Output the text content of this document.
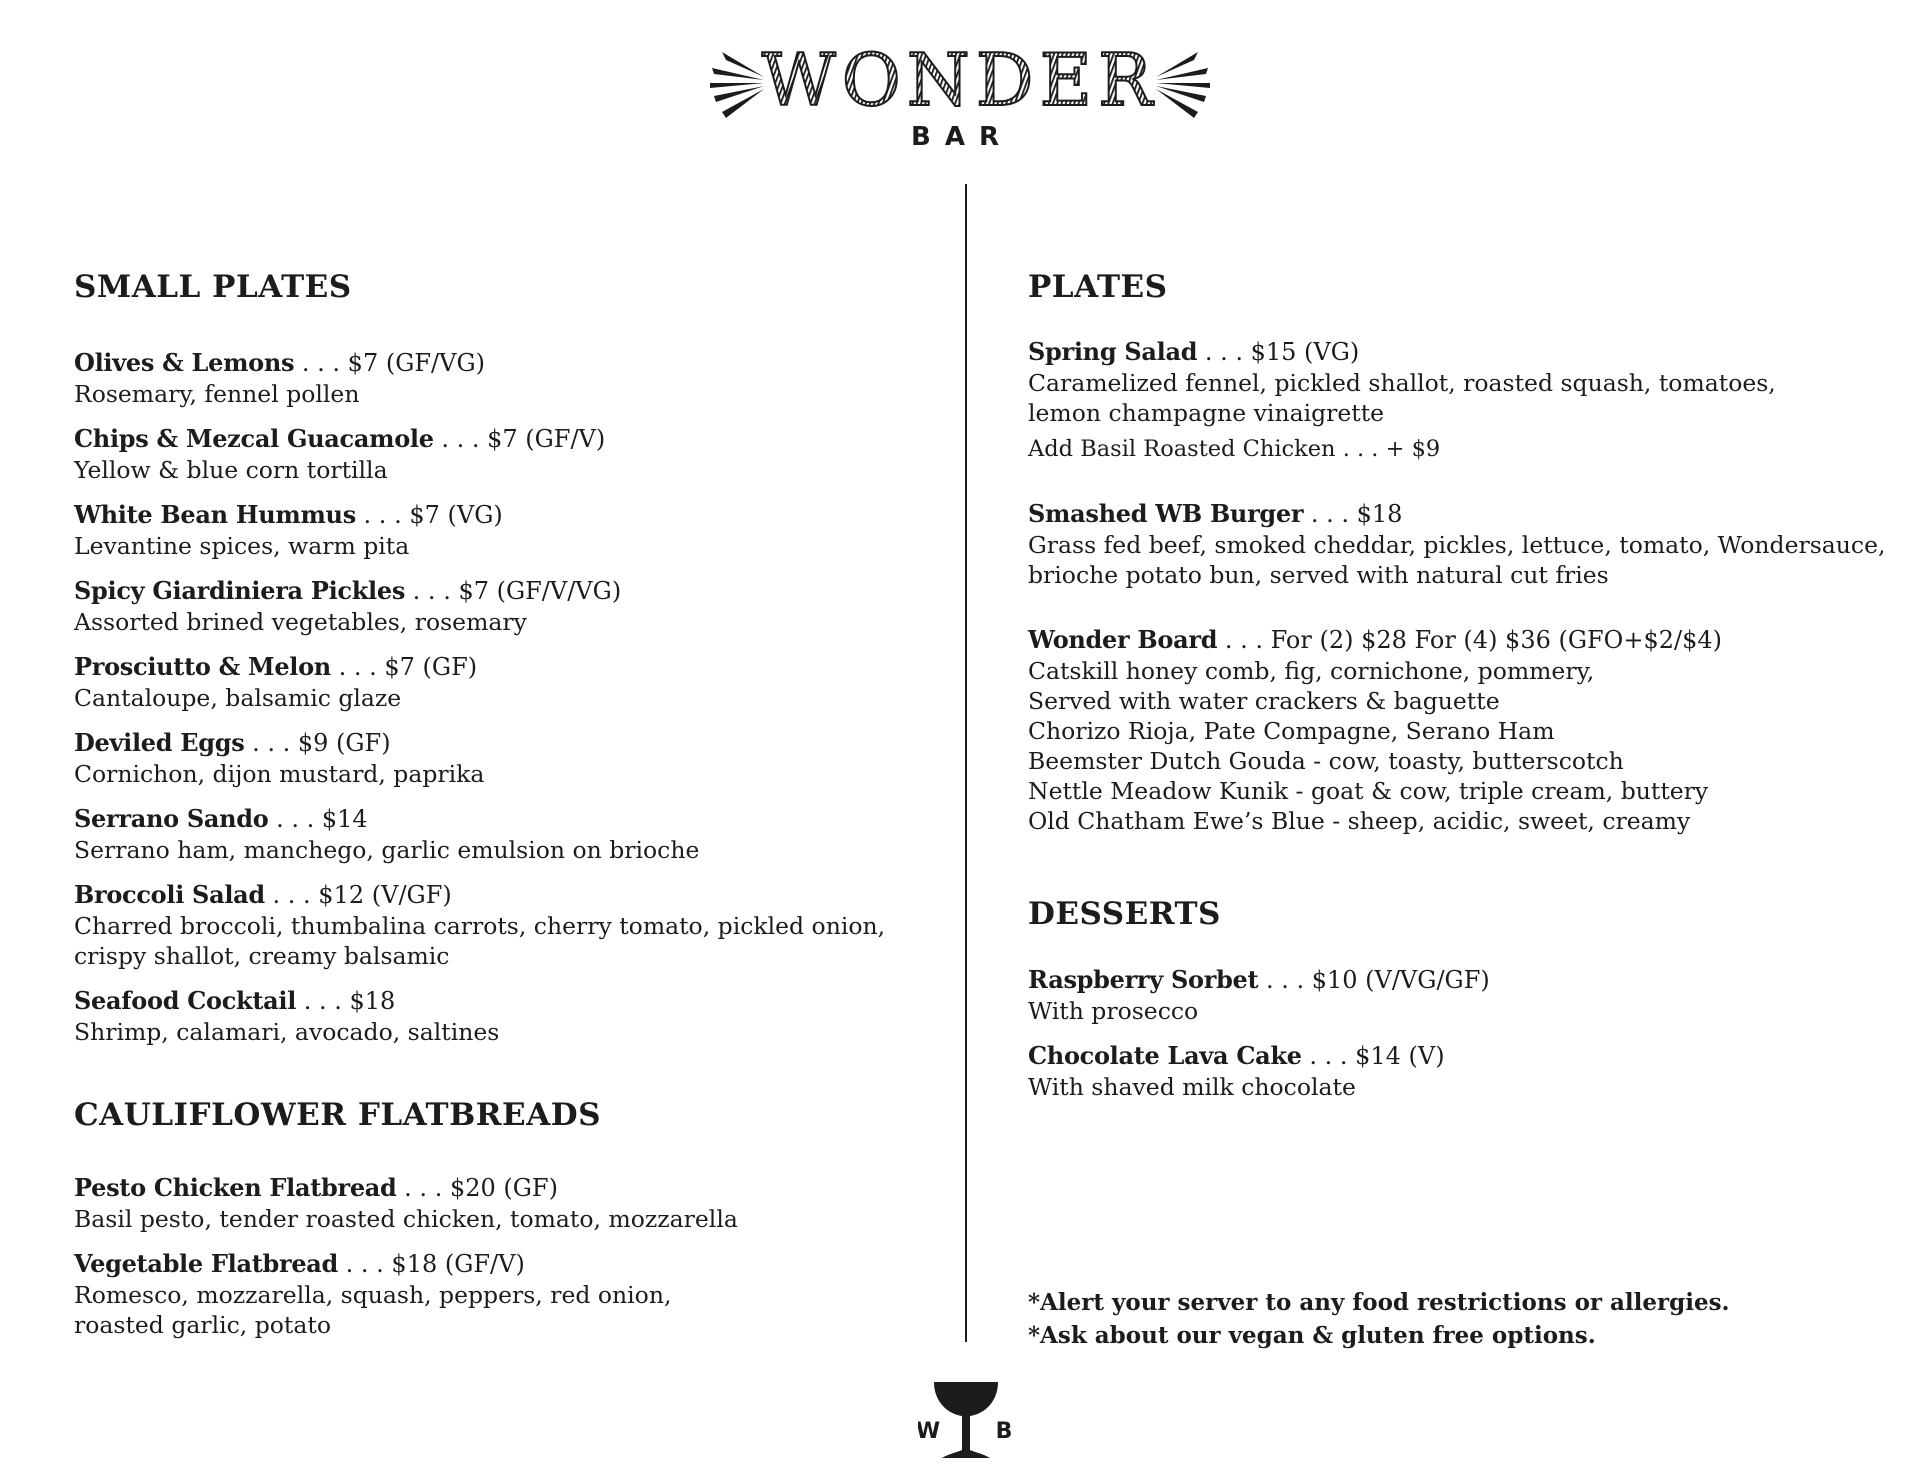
WONDER
BAR
SMALL PLATES
Olives & Lemons . . . $7 (GF/VG)
Rosemary, fennel pollen
Chips & Mezcal Guacamole . . . $7 (GF/V)
Yellow & blue corn tortilla
White Bean Hummus . . . $7 (VG)
Levantine spices, warm pita
Spicy Giardiniera Pickles . . . $7 (GF/V/VG)
Assorted brined vegetables, rosemary
Prosciutto & Melon . . . $7 (GF)
Cantaloupe, balsamic glaze
Deviled Eggs . . . $9 (GF)
Cornichon, dijon mustard, paprika
Serrano Sando . . . $14
Serrano ham, manchego, garlic emulsion on brioche
Broccoli Salad . . . $12 (V/GF)
Charred broccoli, thumbalina carrots, cherry tomato, pickled onion,
crispy shallot, creamy balsamic
Seafood Cocktail . . . $18
Shrimp, calamari, avocado, saltines
CAULIFLOWER FLATBREADS
Pesto Chicken Flatbread . . . $20 (GF)
Basil pesto, tender roasted chicken, tomato, mozzarella
Vegetable Flatbread . . . $18 (GF/V)
Romesco, mozzarella, squash, peppers, red onion,
roasted garlic, potato
PLATES
Spring Salad . . . $15 (VG)
Caramelized fennel, pickled shallot, roasted squash, tomatoes,
lemon champagne vinaigrette
Add Basil Roasted Chicken . . . + $9
Smashed WB Burger . . . $18
Grass fed beef, smoked cheddar, pickles, lettuce, tomato, Wondersauce,
brioche potato bun, served with natural cut fries
Wonder Board . . . For (2) $28 For (4) $36 (GFO+$2/$4)
Catskill honey comb, fig, cornichone, pommery,
Served with water crackers & baguette
Chorizo Rioja, Pate Compagne, Serano Ham
Beemster Dutch Gouda - cow, toasty, butterscotch
Nettle Meadow Kunik - goat & cow, triple cream, buttery
Old Chatham Ewe’s Blue - sheep, acidic, sweet, creamy
DESSERTS
Raspberry Sorbet . . . $10 (V/VG/GF)
With prosecco
Chocolate Lava Cake . . . $14 (V)
With shaved milk chocolate
*Alert your server to any food restrictions or allergies.
*Ask about our vegan & gluten free options.
W	B
